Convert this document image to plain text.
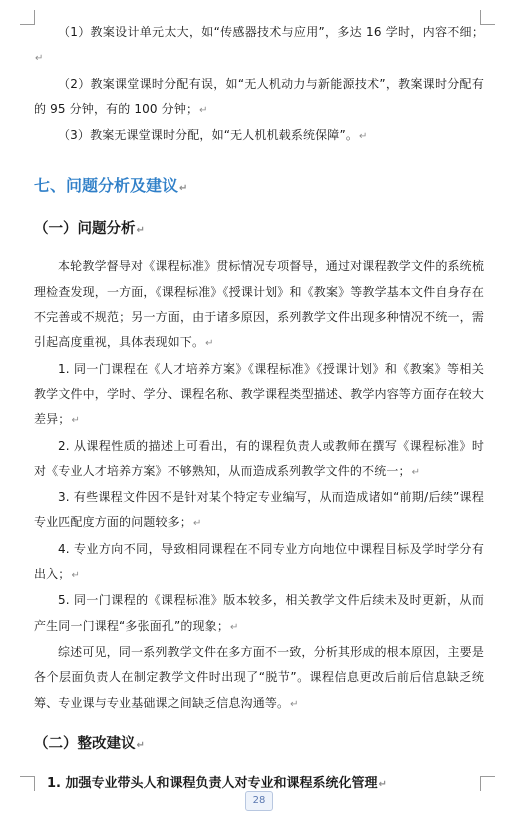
（1）教案设计单元太大，如“传感器技术与应用”，多达 16 学时，内容不细；↵

（2）教案课堂课时分配有误，如“无人机动力与新能源技术”，教案课时分配有的 95 分钟，有的 100 分钟；↵

（3）教案无课堂课时分配，如“无人机机载系统保障”。↵

七、问题分析及建议↵

（一）问题分析↵

本轮教学督导对《课程标准》贯标情况专项督导，通过对课程教学文件的系统梳理检查发现，一方面，《课程标准》《授课计划》和《教案》等教学基本文件自身存在不完善或不规范；另一方面，由于诸多原因，系列教学文件出现多种情况不统一，需引起高度重视，具体表现如下。↵

1. 同一门课程在《人才培养方案》《课程标准》《授课计划》和《教案》等相关教学文件中，学时、学分、课程名称、教学课程类型描述、教学内容等方面存在较大差异；↵

2. 从课程性质的描述上可看出，有的课程负责人或教师在撰写《课程标准》时对《专业人才培养方案》不够熟知，从而造成系列教学文件的不统一；↵

3. 有些课程文件因不是针对某个特定专业编写，从而造成诸如“前期/后续”课程专业匹配度方面的问题较多；↵

4. 专业方向不同，导致相同课程在不同专业方向地位中课程目标及学时学分有出入；↵

5. 同一门课程的《课程标准》版本较多，相关教学文件后续未及时更新，从而产生同一门课程“多张面孔”的现象；↵

综述可见，同一系列教学文件在多方面不一致，分析其形成的根本原因，主要是各个层面负责人在制定教学文件时出现了“脱节”。课程信息更改后前后信息缺乏统筹、专业课与专业基础课之间缺乏信息沟通等。↵

（二）整改建议↵

1. 加强专业带头人和课程负责人对专业和课程系统化管理↵

28
